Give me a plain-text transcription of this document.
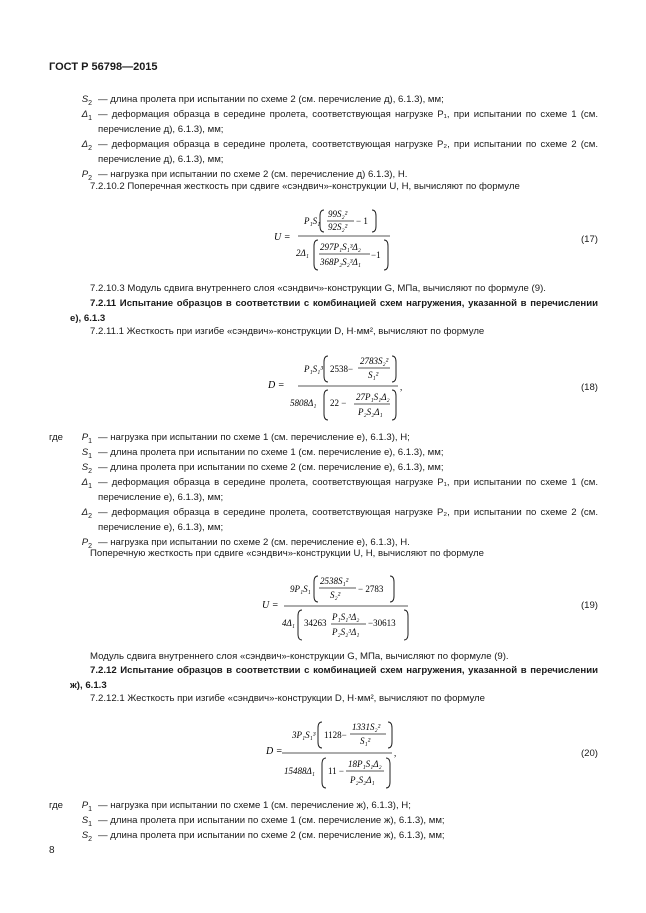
ГОСТ Р 56798—2015
$S_2$ — длина пролета при испытании по схеме 2 (см. перечисление д), 6.1.3), мм;
$\Delta_1$ — деформация образца в середине пролета, соответствующая нагрузке P₁, при испытании по схеме 1 (см. перечисление д), 6.1.3), мм;
$\Delta_2$ — деформация образца в середине пролета, соответствующая нагрузке P₂, при испытании по схеме 2 (см. перечисление д), 6.1.3), мм;
$P_2$ — нагрузка при испытании по схеме 2 (см. перечисление д) 6.1.3), Н.
7.2.10.2 Поперечная жесткость при сдвиге «сэндвич»-конструкции U, Н, вычисляют по формуле
U =
P₁S₁
99S₂²
92S₂²
− 1
2Δ₁
297P₁S₁³Δ₂
368P₂S₂³Δ₁
−1
(17)
7.2.10.3 Модуль сдвига внутреннего слоя «сэндвич»-конструкции G, МПа, вычисляют по формуле (9).
7.2.11 Испытание образцов в соответствии с комбинацией схем нагружения, указанной в перечислении е), 6.1.3
7.2.11.1 Жесткость при изгибе «сэндвич»-конструкции D, Н·мм², вычисляют по формуле
D =
P₁S₁³ 2538−
2783S₂²
S₁²
5808Δ₁ 22 −
27P₁S₁Δ₂
P₂S₂Δ₁
,	(18)
где	$P_1$ — нагрузка при испытании по схеме 1 (см. перечисление е), 6.1.3), Н;
$S_1$ — длина пролета при испытании по схеме 1 (см. перечисление е), 6.1.3), мм;
$S_2$ — длина пролета при испытании по схеме 2 (см. перечисление е), 6.1.3), мм;
$\Delta_1$ — деформация образца в середине пролета, соответствующая нагрузке P₁, при испытании по схеме 1 (см. перечисление е), 6.1.3), мм;
$\Delta_2$ — деформация образца в середине пролета, соответствующая нагрузке P₂, при испытании по схеме 2 (см. перечисление е), 6.1.3), мм;
$P_2$ — нагрузка при испытании по схеме 2 (см. перечисление е), 6.1.3), Н.
Поперечную жесткость при сдвиге «сэндвич»-конструкции U, Н, вычисляют по формуле
U =
9P₁S₁
2538S₁²
S₂²
− 2783
4Δ₁ 34263
P₁S₁³Δ₂
P₂S₂³Δ₁
−30613
(19)
Модуль сдвига внутреннего слоя «сэндвич»-конструкции G, МПа, вычисляют по формуле (9).
7.2.12 Испытание образцов в соответствии с комбинацией схем нагружения, указанной в перечислении ж), 6.1.3
7.2.12.1 Жесткость при изгибе «сэндвич»-конструкции D, Н·мм², вычисляют по формуле
D =
3P₁S₁³ 1128−
1331S₂²
S₁²
15488Δ₁ 11 −
18P₁S₁Δ₂
P₂S₂Δ₁
,	(20)
где	$P_1$ — нагрузка при испытании по схеме 1 (см. перечисление ж), 6.1.3), Н;
$S_1$ — длина пролета при испытании по схеме 1 (см. перечисление ж), 6.1.3), мм;
$S_2$ — длина пролета при испытании по схеме 2 (см. перечисление ж), 6.1.3), мм;
8
